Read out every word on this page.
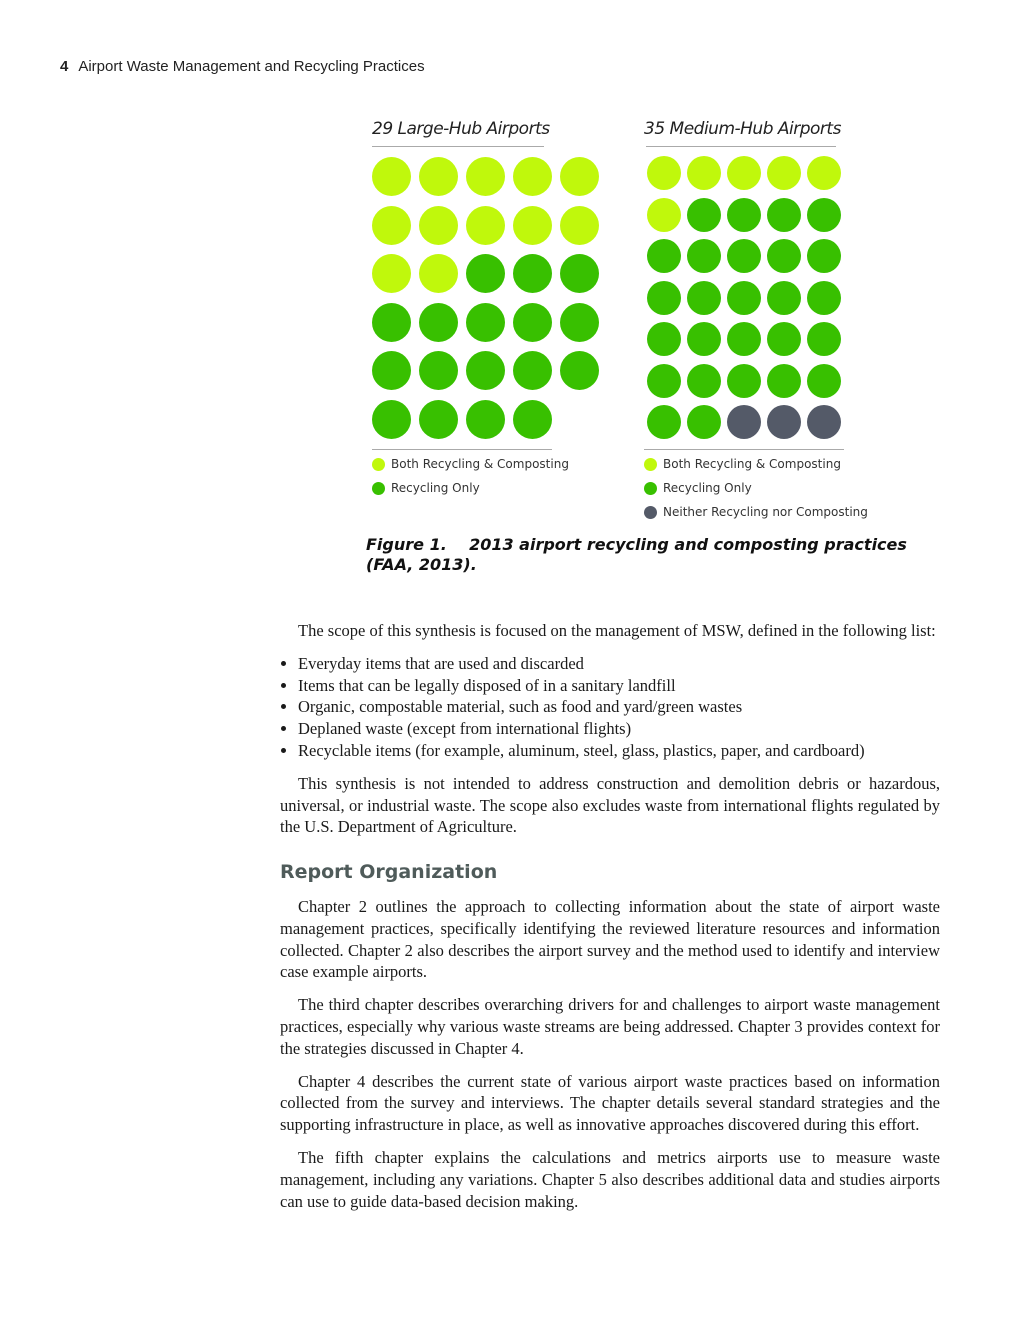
4 Airport Waste Management and Recycling Practices
29 Large-Hub Airports	35 Medium-Hub Airports
Both Recycling & Composting
Recycling Only
Both Recycling & Composting
Recycling Only
Neither Recycling nor Composting
Figure 1.    2013 airport recycling and composting practices
(FAA, 2013).

The scope of this synthesis is focused on the management of MSW, defined in the following list:

• Everyday items that are used and discarded
• Items that can be legally disposed of in a sanitary landfill
• Organic, compostable material, such as food and yard/green wastes
• Deplaned waste (except from international flights)
• Recyclable items (for example, aluminum, steel, glass, plastics, paper, and cardboard)

This synthesis is not intended to address construction and demolition debris or hazardous, universal, or industrial waste. The scope also excludes waste from international flights regulated by the U.S. Department of Agriculture.

Report Organization

Chapter 2 outlines the approach to collecting information about the state of airport waste management practices, specifically identifying the reviewed literature resources and information collected. Chapter 2 also describes the airport survey and the method used to identify and interview case example airports.

The third chapter describes overarching drivers for and challenges to airport waste management practices, especially why various waste streams are being addressed. Chapter 3 provides context for the strategies discussed in Chapter 4.

Chapter 4 describes the current state of various airport waste practices based on information collected from the survey and interviews. The chapter details several standard strategies and the supporting infrastructure in place, as well as innovative approaches discovered during this effort.

The fifth chapter explains the calculations and metrics airports use to measure waste management, including any variations. Chapter 5 also describes additional data and studies airports can use to guide data-based decision making.
